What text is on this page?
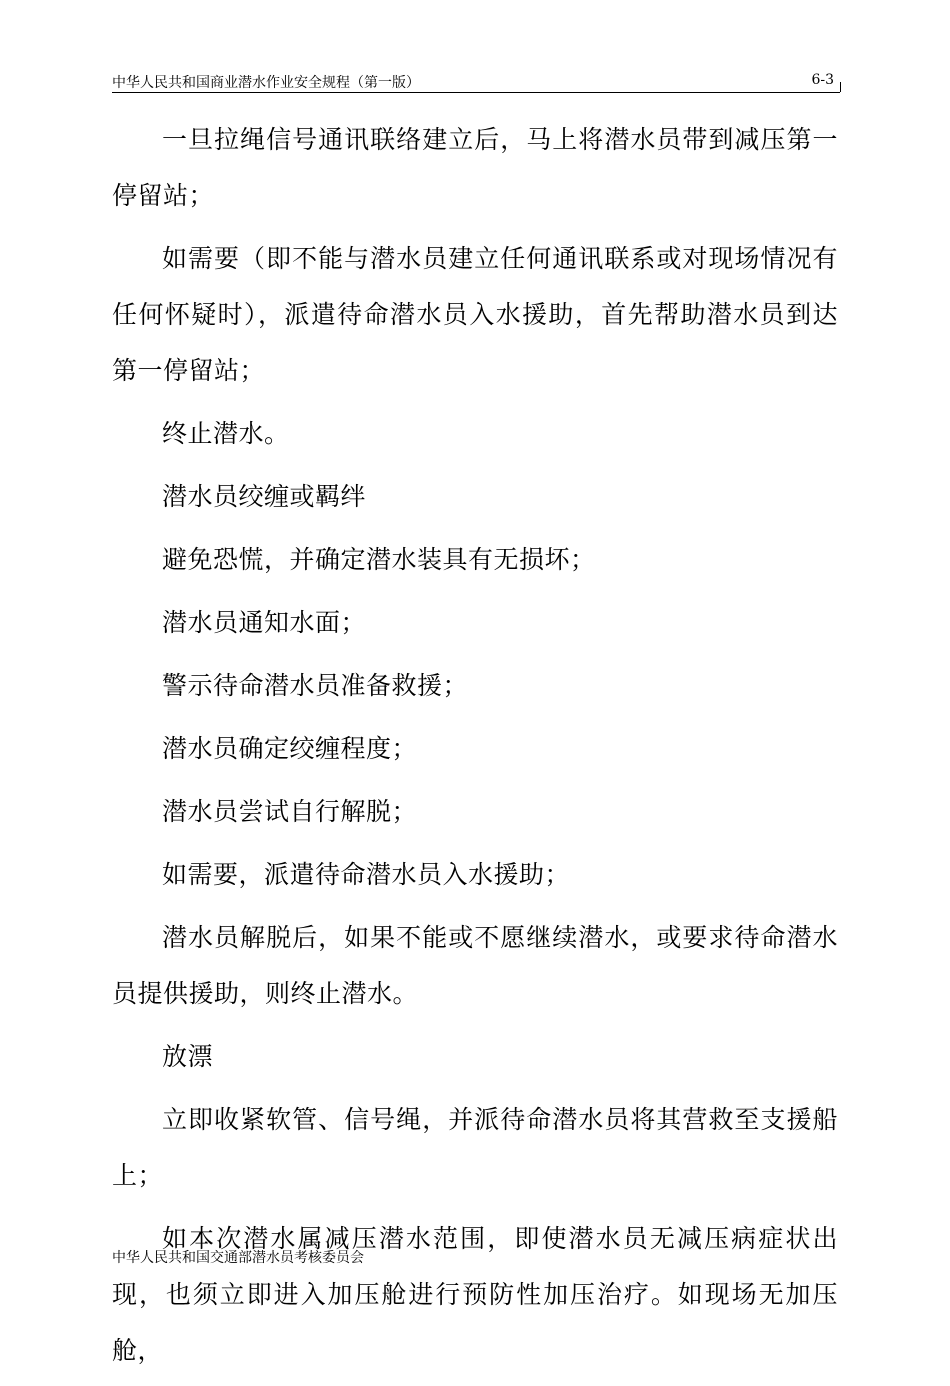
中华人民共和国商业潜水作业安全规程（第一版）	6-3

一旦拉绳信号通讯联络建立后，马上将潜水员带到减压第一停留站；

如需要（即不能与潜水员建立任何通讯联系或对现场情况有任何怀疑时），派遣待命潜水员入水援助，首先帮助潜水员到达第一停留站；

终止潜水。

潜水员绞缠或羁绊

避免恐慌，并确定潜水装具有无损坏；

潜水员通知水面；

警示待命潜水员准备救援；

潜水员确定绞缠程度；

潜水员尝试自行解脱；

如需要，派遣待命潜水员入水援助；

潜水员解脱后，如果不能或不愿继续潜水，或要求待命潜水员提供援助，则终止潜水。

放漂

立即收紧软管、信号绳，并派待命潜水员将其营救至支援船上；

如本次潜水属减压潜水范围，即使潜水员无减压病症状出现，也须立即进入加压舱进行预防性加压治疗。如现场无加压舱，

中华人民共和国交通部潜水员考核委员会
